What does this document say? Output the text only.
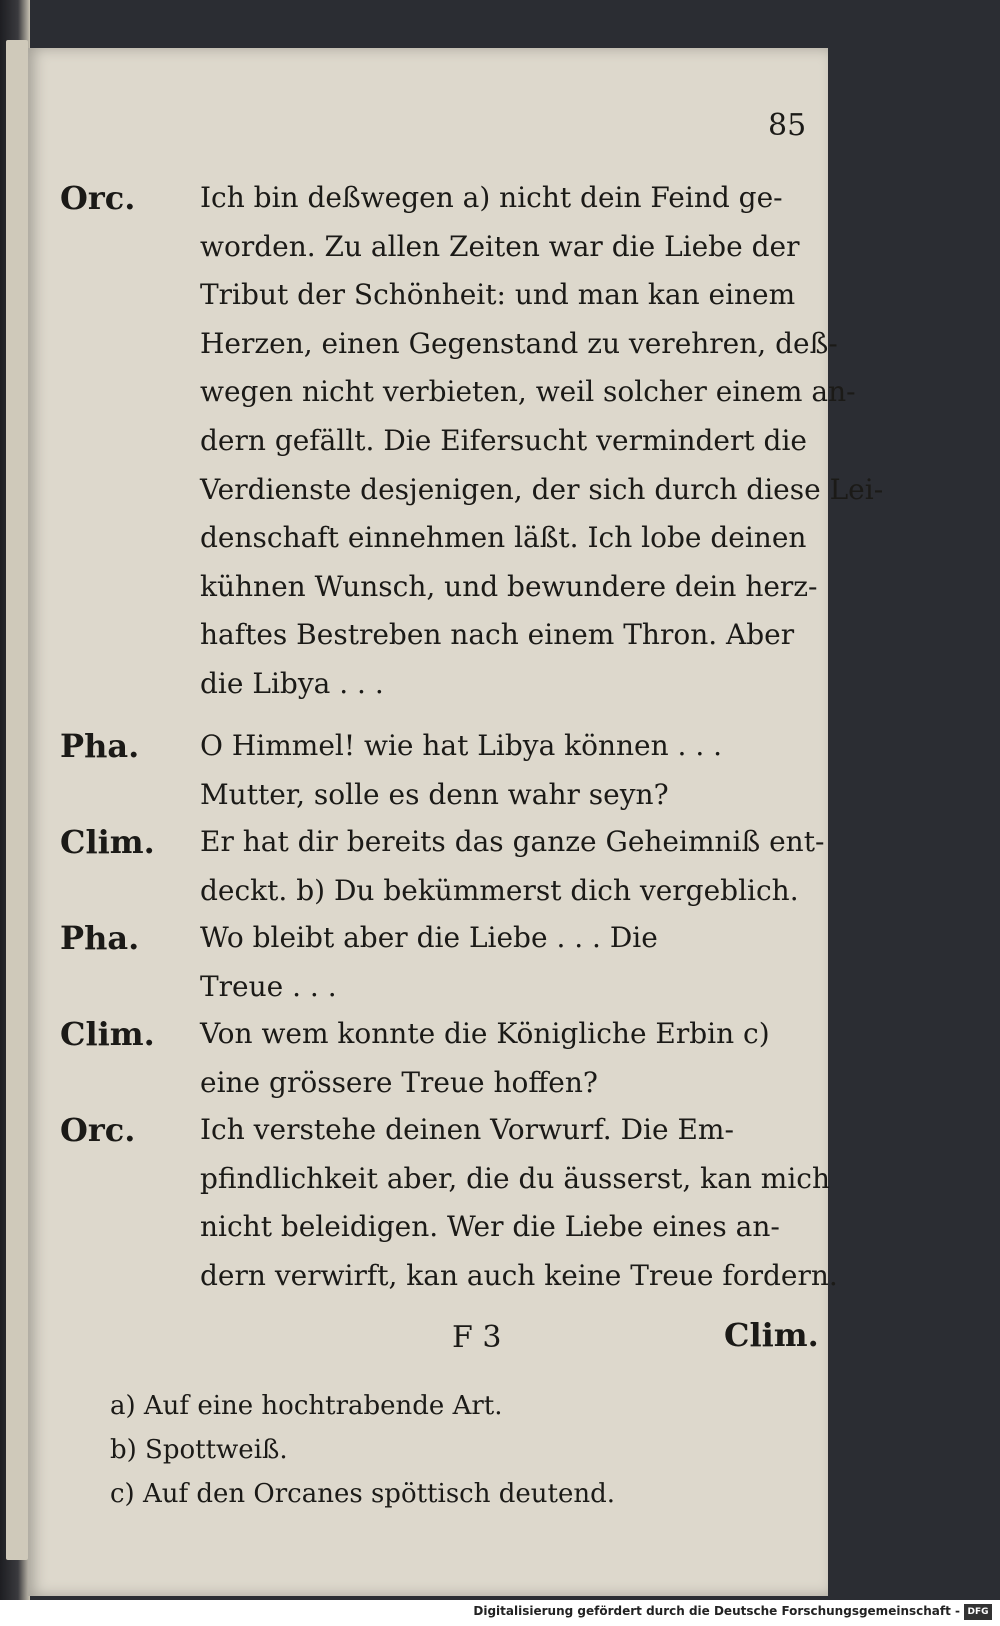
85
Orc.	Ich bin deßwegen a) nicht dein Feind ge-
worden. Zu allen Zeiten war die Liebe der
Tribut der Schönheit: und man kan einem
Herzen, einen Gegenstand zu verehren, deß-
wegen nicht verbieten, weil solcher einem an-
dern gefällt. Die Eifersucht vermindert die
Verdienste desjenigen, der sich durch diese Lei-
denschaft einnehmen läßt. Ich lobe deinen
kühnen Wunsch, und bewundere dein herz-
haftes Bestreben nach einem Thron. Aber
die Libya . . .
Pha.	O Himmel! wie hat Libya können . . .
Mutter, solle es denn wahr seyn?
Clim.	Er hat dir bereits das ganze Geheimniß ent-
deckt. b) Du bekümmerst dich vergeblich.
Pha.	Wo bleibt aber die Liebe . . . Die
Treue . . .
Clim.	Von wem konnte die Königliche Erbin c)
eine grössere Treue hoffen?
Orc.	Ich verstehe deinen Vorwurf. Die Em-
pfindlichkeit aber, die du äusserst, kan mich
nicht beleidigen. Wer die Liebe eines an-
dern verwirft, kan auch keine Treue fordern.
F 3	Clim.
a) Auf eine hochtrabende Art.
b) Spottweiß.
c) Auf den Orcanes spöttisch deutend.
Digitalisierung gefördert durch die Deutsche Forschungsgemeinschaft - DFG
